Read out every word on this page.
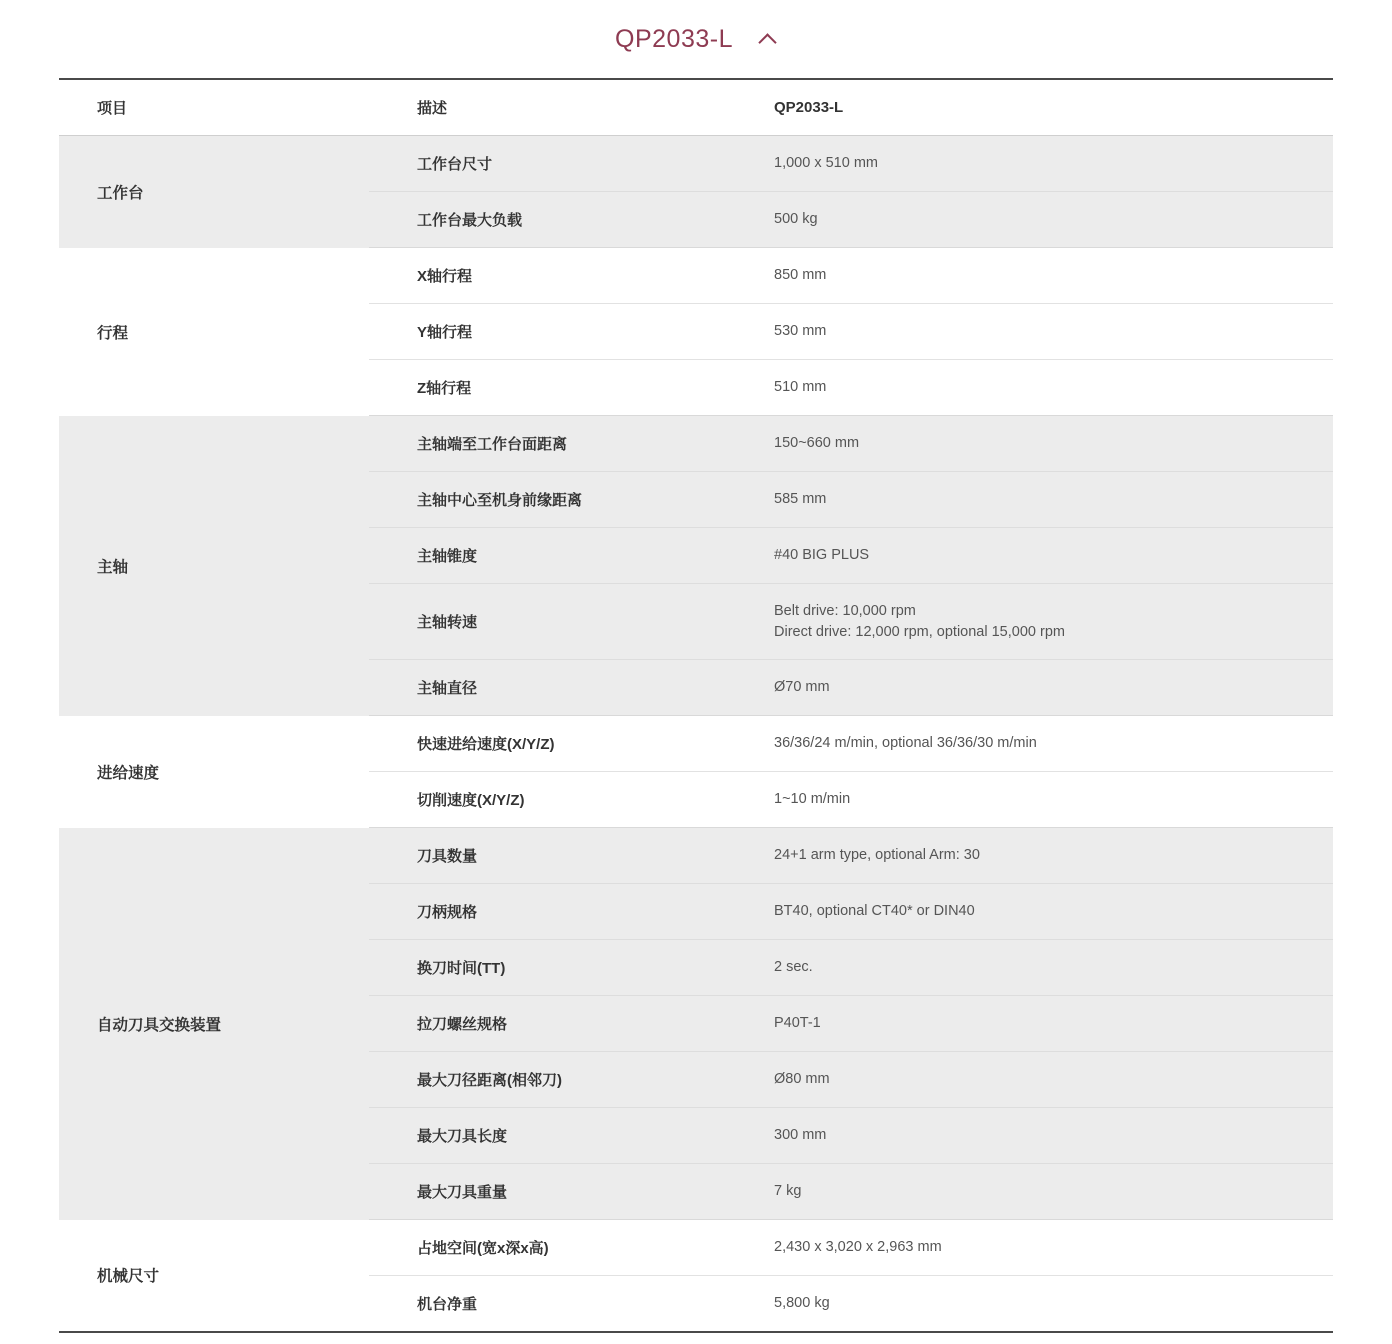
QP2033-L
项目	描述	QP2033-L
工作台	工作台尺寸	1,000 x 510 mm

	工作台最大负载	500 kg

行程	X轴行程	850 mm

	Y轴行程	530 mm

	Z轴行程	510 mm

主轴	主轴端至工作台面距离	150~660 mm

	主轴中心至机身前缘距离	585 mm

	主轴锥度	#40 BIG PLUS

	主轴转速	Belt drive: 10,000 rpm
Direct drive: 12,000 rpm, optional 15,000 rpm

	主轴直径	Ø70 mm

进给速度	快速进给速度(X/Y/Z)	36/36/24 m/min, optional 36/36/30 m/min

	切削速度(X/Y/Z)	1~10 m/min

自动刀具交换装置	刀具数量	24+1 arm type, optional Arm: 30

	刀柄规格	BT40, optional CT40* or DIN40

	换刀时间(TT)	2 sec.

	拉刀螺丝规格	P40T-1

	最大刀径距离(相邻刀)	Ø80 mm

	最大刀具长度	300 mm

	最大刀具重量	7 kg

机械尺寸	占地空间(宽x深x高)	2,430 x 3,020 x 2,963 mm

	机台净重	5,800 kg
